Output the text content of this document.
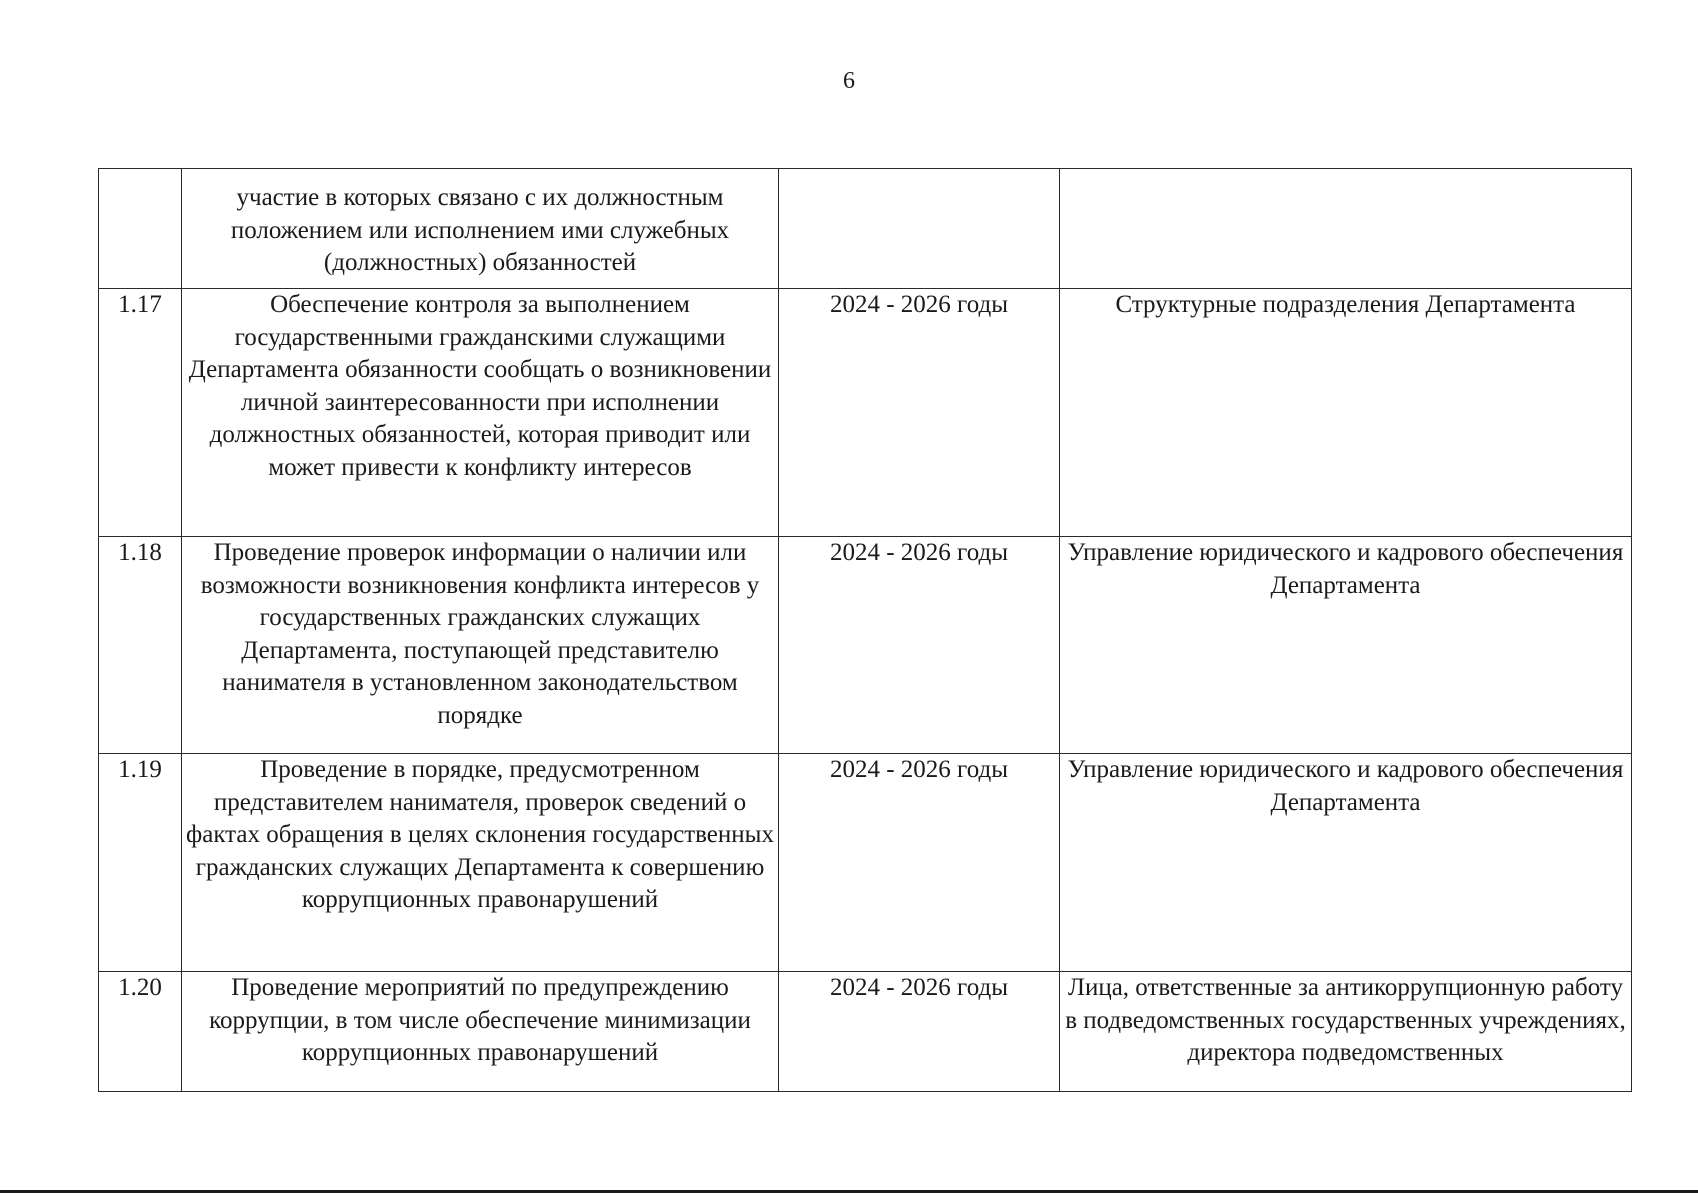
6
	участие в которых связано с их должностным положением или исполнением ими служебных (должностных) обязанностей		
1.17	Обеспечение контроля за выполнением государственными гражданскими служащими Департамента обязанности сообщать о возникновении личной заинтересованности при исполнении должностных обязанностей, которая приводит или может привести к конфликту интересов	2024 - 2026 годы	Структурные подразделения Департамента
1.18	Проведение проверок информации о наличии или возможности возникновения конфликта интересов у государственных гражданских служащих Департамента, поступающей представителю нанимателя в установленном законодательством порядке	2024 - 2026 годы	Управление юридического и кадрового обеспечения Департамента
1.19	Проведение в порядке, предусмотренном представителем нанимателя, проверок сведений о фактах обращения в целях склонения государственных гражданских служащих Департамента к совершению коррупционных правонарушений	2024 - 2026 годы	Управление юридического и кадрового обеспечения Департамента
1.20	Проведение мероприятий по предупреждению коррупции, в том числе обеспечение минимизации коррупционных правонарушений	2024 - 2026 годы	Лица, ответственные за антикоррупционную работу в подведомственных государственных учреждениях, директора подведомственных
